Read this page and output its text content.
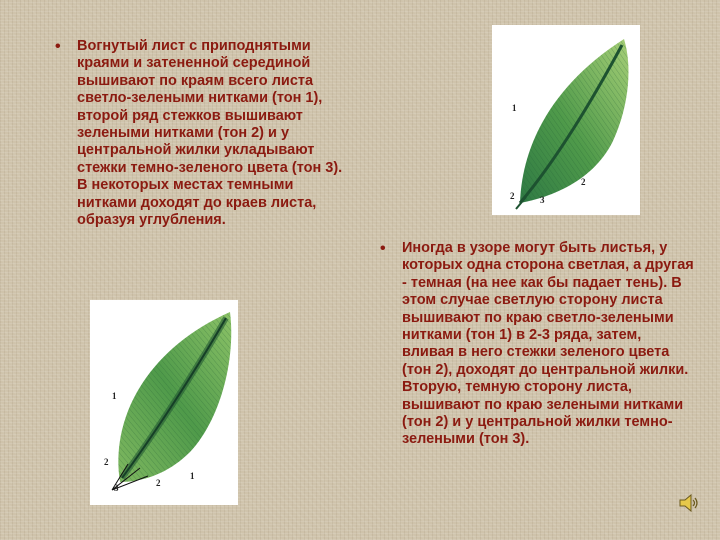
•	Вогнутый лист с приподнятыми краями и затененной серединой вышивают по краям всего листа светло-зелеными нитками (тон 1), второй ряд стежков вышивают зелеными нитками (тон 2) и у центральной жилки укладывают стежки темно-зеленого цвета (тон 3). В некоторых местах темными нитками доходят до краев листа, образуя углубления.
•	Иногда в узоре могут быть листья, у которых одна сторона светлая, а другая - темная (на нее как бы падает тень). В этом случае светлую сторону листа вышивают по краю светло-зелеными нитками (тон 1) в 2-3 ряда, затем, вливая в него стежки зеленого цвета (тон 2), доходят до центральной жилки. Вторую, темную сторону листа, вышивают по краю зелеными нитками (тон 2) и у центральной жилки темно-зелеными (тон 3).
1
2
2
3
1
1
2
2
3
